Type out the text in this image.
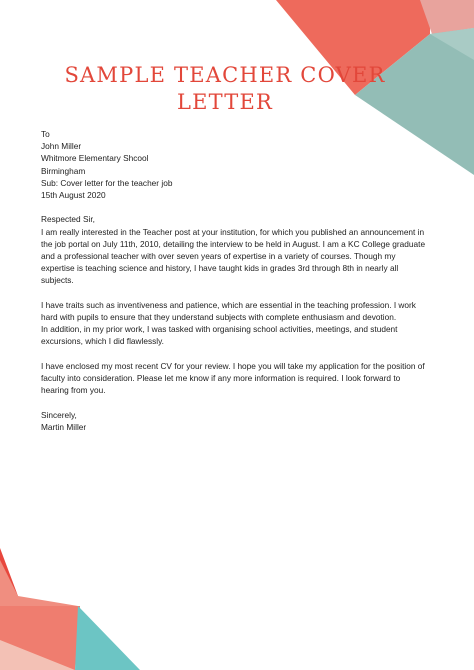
SAMPLE TEACHER COVER
LETTER
To
John Miller
Whitmore Elementary Shcool
Birmingham
Sub: Cover letter for the teacher job
15th August 2020
Respected Sir,
I am really interested in the Teacher post at your institution, for which you published an announcement in
the job portal on July 11th, 2010, detailing the interview to be held in August. I am a KC College graduate
and a professional teacher with over seven years of expertise in a variety of courses. Though my
expertise is teaching science and history, I have taught kids in grades 3rd through 8th in nearly all
subjects.
I have traits such as inventiveness and patience, which are essential in the teaching profession. I work
hard with pupils to ensure that they understand subjects with complete enthusiasm and devotion.
In addition, in my prior work, I was tasked with organising school activities, meetings, and student
excursions, which I did flawlessly.
I have enclosed my most recent CV for your review. I hope you will take my application for the position of
faculty into consideration. Please let me know if any more information is required. I look forward to
hearing from you.
Sincerely,
Martin Miller
